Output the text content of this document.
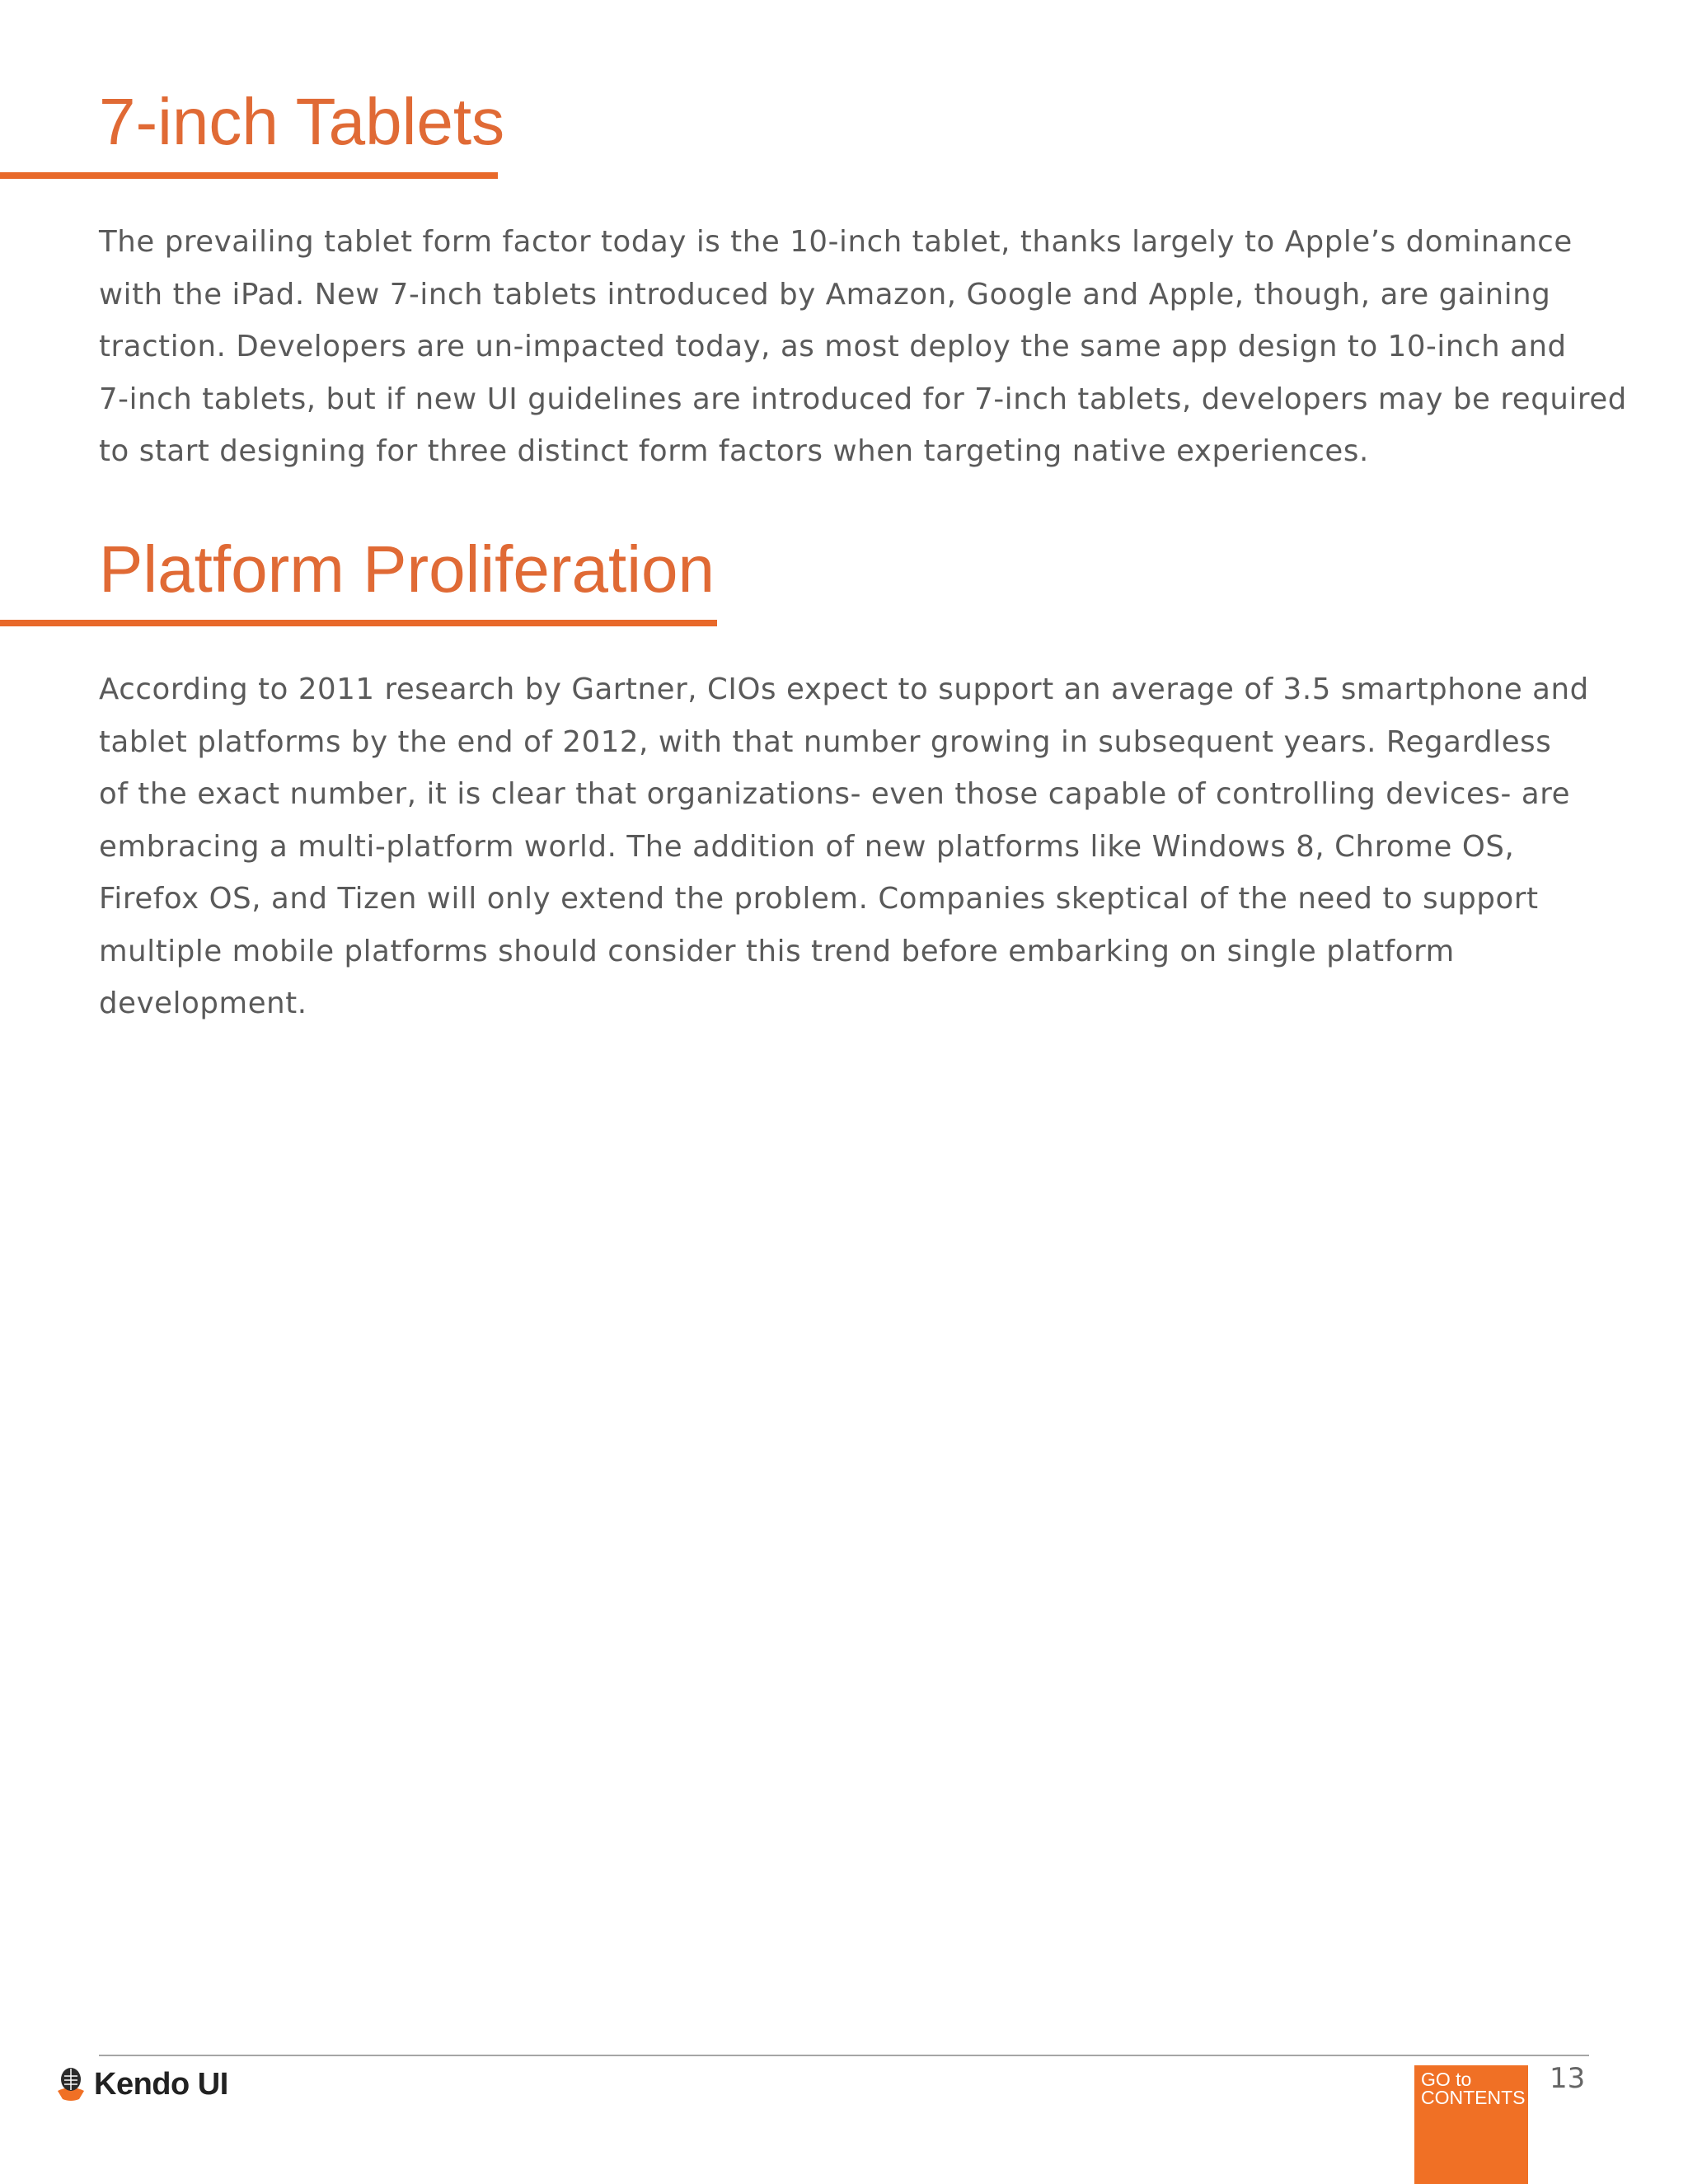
7-inch Tablets
The prevailing tablet form factor today is the 10-inch tablet, thanks largely to Apple’s dominance
with the iPad. New 7-inch tablets introduced by Amazon, Google and Apple, though, are gaining
traction. Developers are un-impacted today, as most deploy the same app design to 10-inch and
7-inch tablets, but if new UI guidelines are introduced for 7-inch tablets, developers may be required
to start designing for three distinct form factors when targeting native experiences.
Platform Proliferation
According to 2011 research by Gartner, CIOs expect to support an average of 3.5 smartphone and
tablet platforms by the end of 2012, with that number growing in subsequent years. Regardless
of the exact number, it is clear that organizations- even those capable of controlling devices- are
embracing a multi-platform world. The addition of new platforms like Windows 8, Chrome OS,
Firefox OS, and Tizen will only extend the problem. Companies skeptical of the need to support
multiple mobile platforms should consider this trend before embarking on single platform
development.
Kendo UI	GO to
CONTENTS
13
